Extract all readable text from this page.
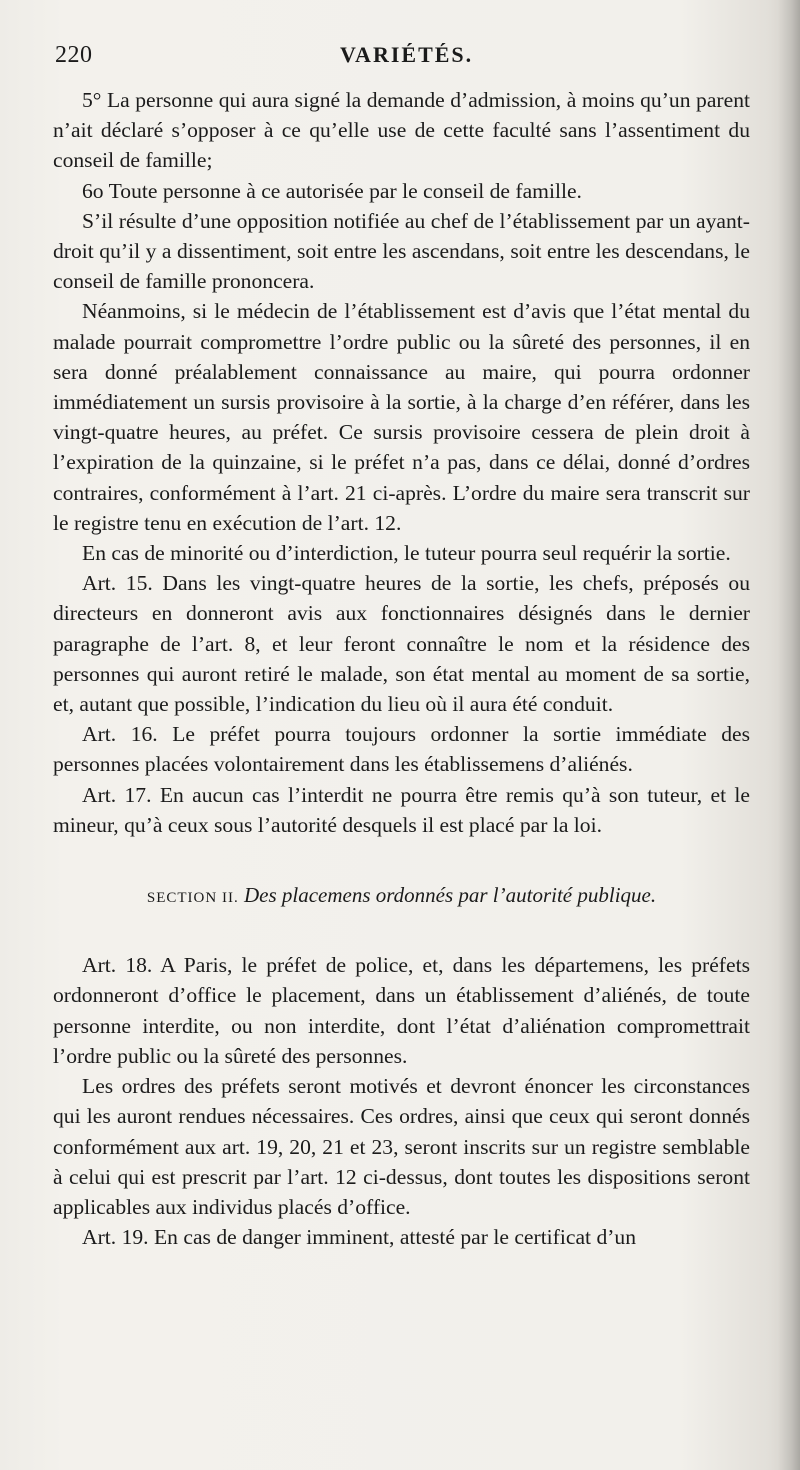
220	VARIÉTÉS.

5° La personne qui aura signé la demande d’admission, à moins qu’un parent n’ait déclaré s’opposer à ce qu’elle use de cette faculté sans l’assentiment du conseil de famille;

6o Toute personne à ce autorisée par le conseil de famille.

S’il résulte d’une opposition notifiée au chef de l’établissement par un ayant-droit qu’il y a dissentiment, soit entre les ascendans, soit entre les descendans, le conseil de famille prononcera.

Néanmoins, si le médecin de l’établissement est d’avis que l’état mental du malade pourrait compromettre l’ordre public ou la sûreté des personnes, il en sera donné préalablement connaissance au maire, qui pourra ordonner immédiatement un sursis provisoire à la sortie, à la charge d’en référer, dans les vingt-quatre heures, au préfet. Ce sursis provisoire cessera de plein droit à l’expiration de la quinzaine, si le préfet n’a pas, dans ce délai, donné d’ordres contraires, conformément à l’art. 21 ci-après. L’ordre du maire sera transcrit sur le registre tenu en exécution de l’art. 12.

En cas de minorité ou d’interdiction, le tuteur pourra seul requérir la sortie.

Art. 15. Dans les vingt-quatre heures de la sortie, les chefs, préposés ou directeurs en donneront avis aux fonctionnaires désignés dans le dernier paragraphe de l’art. 8, et leur feront connaître le nom et la résidence des personnes qui auront retiré le malade, son état mental au moment de sa sortie, et, autant que possible, l’indication du lieu où il aura été conduit.

Art. 16. Le préfet pourra toujours ordonner la sortie immédiate des personnes placées volontairement dans les établissemens d’aliénés.

Art. 17. En aucun cas l’interdit ne pourra être remis qu’à son tuteur, et le mineur, qu’à ceux sous l’autorité desquels il est placé par la loi.

SECTION II. Des placemens ordonnés par l’autorité publique.

Art. 18. A Paris, le préfet de police, et, dans les départemens, les préfets ordonneront d’office le placement, dans un établissement d’aliénés, de toute personne interdite, ou non interdite, dont l’état d’aliénation compromettrait l’ordre public ou la sûreté des personnes.

Les ordres des préfets seront motivés et devront énoncer les circonstances qui les auront rendues nécessaires. Ces ordres, ainsi que ceux qui seront donnés conformément aux art. 19, 20, 21 et 23, seront inscrits sur un registre semblable à celui qui est prescrit par l’art. 12 ci-dessus, dont toutes les dispositions seront applicables aux individus placés d’office.

Art. 19. En cas de danger imminent, attesté par le certificat d’un
